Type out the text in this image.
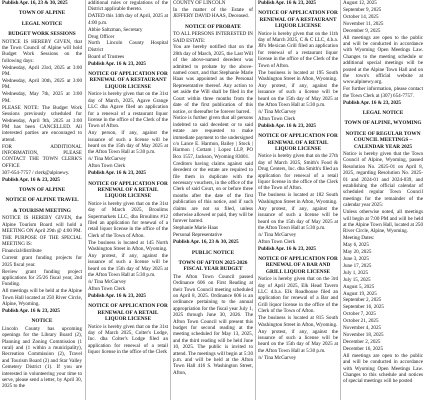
Publish Apr. 16, 23 & 30, 2025
TOWN OF ALPINE
LEGAL NOTICE
BUDGET WORK SESSIONS
NOTICE IS HEREBY GIVEN, that the Town Council of Alpine will hold Budget Work Sessions on the following days:
Wednesday, April 23rd, 2025 at 3:00 PM.
Wednesday, April 30th, 2025 at 3:00 PM.
Wednesday, May 7th, 2025 at 3:00 PM.
PLEASE NOTE: The Budget Work Sessions previously scheduled for Wednesday, April 9th, 2025 at 3:00 PM has been CANCELLED. All interested parties are encouraged to attend.
FOR ADDITIONAL INFORMATION, PLEASE CONTACT THE TOWN CLERK'S OFFICE
307-654-7757 / clerk@alpinewy.
Publish Apr. 16 & 23, 2025
TOWN OF ALPINE
NOTICE OF ALPINE TRAVEL
& TOURISM MEETING
NOTICE IS HEREBY GIVEN, the Alpine Tourism Board will hold a MEETING ON April 29th @ 4:00 PM.
THE PURPOSE OF THE SPECIAL MEETING IS:
Financial/distribute
Current grant funding projects for 2025 fiscal year.
Review grant funding project applications for 25/26 fiscal year, 2nd Funding.
All meetings will be held at the Alpine Town Hall located at 250 River Circle, Alpine, Wyoming.
Publish Apr. 16 & 23, 2025
NOTICE
Lincoln County has upcoming openings for the Library Board (2), Planning and Zoning Commission (1 rural) and (1 within a municipality), Recreation Commission (2), Travel and Tourism Board (2) and Star Valley Cemetery District (1). If you are interested in volunteering your time to serve, please send a letter, by April 30, 2025 to the
additional rules or regulations of the District applicable thereto.
DATED this 14th day of April, 2025 at 4:00 p.m.
Abbie Saltzman, Secretary
Drug Officer
North Lincoln County Hospital District
Board of Trustees
Publish Apr. 16 & 23, 2025
NOTICE OF APPLICATION FOR RENEWAL OF A RESTAURANT LIQUOR LICENSE
Notice is hereby given that on the 31st day of March, 2025, Agave Grange LLC dba Agave filed an application for a renewal of a restaurant liquor license in the office of the Clerk of the Town of Afton.
Any person, if any, against the issuance of such a license will be heard on the 15th day of May 2025 at the Afton Town Hall at 5:30 p.m.
/s/ Tina McGarvey
Afton Town Clerk
Publish Apr. 16 & 23, 2025
NOTICE OF APPLICATION FOR RENEWAL OF A RETAIL LIQUOR LICENSE
Notice is hereby given that on the 31st day of March 2025, Broulims Supermarkets LLC, dba Broulims #12 filed an application for renewal of a retail liquor license in the office of the Clerk of the Town of Afton.
The business is located at 145 North Washington Street in Afton, Wyoming.
Any protest, if any, against the issuance of such a license will be heard on the 15th day of May 2025 at the Afton Town Hall at 5:30 p.m.
/s/ Tina McGarvey
Afton Town Clerk
Publish Apr. 16 & 23, 2025
NOTICE OF APPLICATION FOR RENEWAL OF A RETAIL LIQUOR LICENSE
Notice is hereby given that on the 31st day of March 2025, Colter's Lodge, Inc. dba Colter's Lodge filed an application for renewal of a retail liquor license in the office of the Clerk
COUNTY OF LINCOLN
In the matter of the Estate of JEFFERY DAVID HAAS, Deceased.
NOTICE OF PROBATE
TO ALL PERSONS INTERESTED IN SAID ESTATE:
You are hereby notified that on the 28th day of March, 2025, the Last Will of the above-named decedent was admitted to probate by the above-named court, and that Stephanie Marie Haas was appointed as the Personal Representative thereof. Any action to set aside the Will shall be filed in the Court within three months from the date of the first publication of this notice, or thereafter be forever barred.
Notice is further given that all persons indebted to said decedent or to said estate are requested to make immediate payment to the undersigned c/o Lance E. Harmon, Bailey | Stock | Harmon | Cottam | Lopez LLP, PO Box 1557, Jackson, Wyoming 83001.
Creditors having claims against said decedent or the estate are required to file them in duplicate with the necessary vouchers, in the office of the Clerk of said Court, on or before three months after the date of the first publication of this notice, and if such claims are not so filed, unless otherwise allowed or paid, they will be forever barred.
Stephanie Marie Haas
Personal Representative
Publish Apr. 16, 23 & 30, 2025
PUBLIC NOTICE
TOWN OF AFTON 2025-2026 FISCAL YEAR BUDGET
The Afton Town Council passed Ordinance 606 on First Reading at their Town Council meeting scheduled on April 8, 2025. Ordinance 606 is an ordinance pertaining to the annual appropriation for the fiscal year July 1, 2025 through June 30, 2026. The Afton Town Council will present this budget for second reading at the meeting scheduled for May 13, 2025, and the third reading will be held June 10, 2025. The public is invited to attend. The meetings will begin at 5:30 p.m. and will be held at the Afton Town Hall 416 S. Washington Street, Afton,
Publish Apr. 16 & 23, 2025
NOTICE OF APPLICATION FOR RENEWAL OF A RESTAURANT LIQUOR LICENSE
Notice is hereby given that on the 11th day of March 2025, C & C LLC, d.b.a. JB's Mexican Grill filed an application for renewal of a restaurant liquor license in the office of the Clerk of the Town of Afton.
The business is located at 195 South Washington Street in Afton, Wyoming.
Any protest, if any, against the issuance of such a license will be heard on the 15th day of May 2025 at the Afton Town Hall at 5:30 p.m.
/s/ Tina McGarvey
Afton Town Clerk
Publish Apr. 16 & 23, 2025
NOTICE OF APPLICATION FOR RENEWAL OF A RETAIL LIQUOR LICENSE
Notice is hereby given that on the 27th day of March 2025, Smith's Food & Drug Centers, Inc. dba Smith's filed an application for renewal of a retail liquor license in the office of the Clerk of the Town of Afton.
The business is located at 182 South Washington Street in Afton, Wyoming.
Any protest, if any, against the issuance of such a license will be heard on the 15th day of May 2025 at the Afton Town Hall at 5:30 p.m.
/s/ Tina McGarvey
Afton Town Clerk
Publish Apr. 16 & 23, 2025
NOTICE OF APPLICATION FOR RENEWAL OF A BAR AND GRILL LIQUOR LICENSE
Notice is hereby given that on the 3rd day of April 2025, Elk Head Tavern LLC d.b.a. Elk Roadhouse filed an application for renewal of a Bar and Grill liquor license in the office of the Clerk of the Town of Afton.
The business is located at 815 South Washington Street in Afton, Wyoming.
Any protest, if any, against the issuance of such a license will be heard on the 15th day of May 2025 at the Afton Town Hall at 5:30 p.m.
/s/ Tina McGarvey
August 12, 2025
September 9, 2025
October 14, 2025
November 11, 2025
December 9, 2025
All meetings are open to the public and will be conducted in accordance with Wyoming Open Meetings Law. Changes to the meeting schedule or additional special meetings will be posted at the Alpine Town Hall and on the town's official website at www.alpinewy.org.
For further information, please contact the Town Clerk at (307) 654-7757.
Publish Apr. 16 & 23, 2025
LEGAL NOTICE
TOWN OF ALPINE, WYOMING
NOTICE OF REGULAR TOWN COUNCIL MEETINGS – CALENDAR YEAR 2025
Notice is hereby given that the Town Council of Alpine, Wyoming, passed Resolution No. 2025-01 on April 8, 2025, regarding Resolution No. 2025-01 and 2024-01 and 2024-039, and establishing the official calendar of scheduled regular Town Council meetings for the remainder of the calendar year 2025:
Unless otherwise noted, all meetings will begin at 7:00 PM and will be held at the Alpine Town Hall, located at 250 River Circle, Alpine, Wyoming.
Meeting Dates:
May 6, 2025
May 20, 2025
June 3, 2025
June 17, 2025
July 1, 2025
July 15, 2025
August 5, 2025
August 19, 2025
September 2, 2025
September 16, 2025
October 7, 2025
October 21, 2025
November 4, 2025
November 18, 2025
December 2, 2025
December 16, 2025
All meetings are open to the public and will be conducted in accordance with Wyoming Open Meetings Law. Changes to this schedule and notices of special meetings will be posted
